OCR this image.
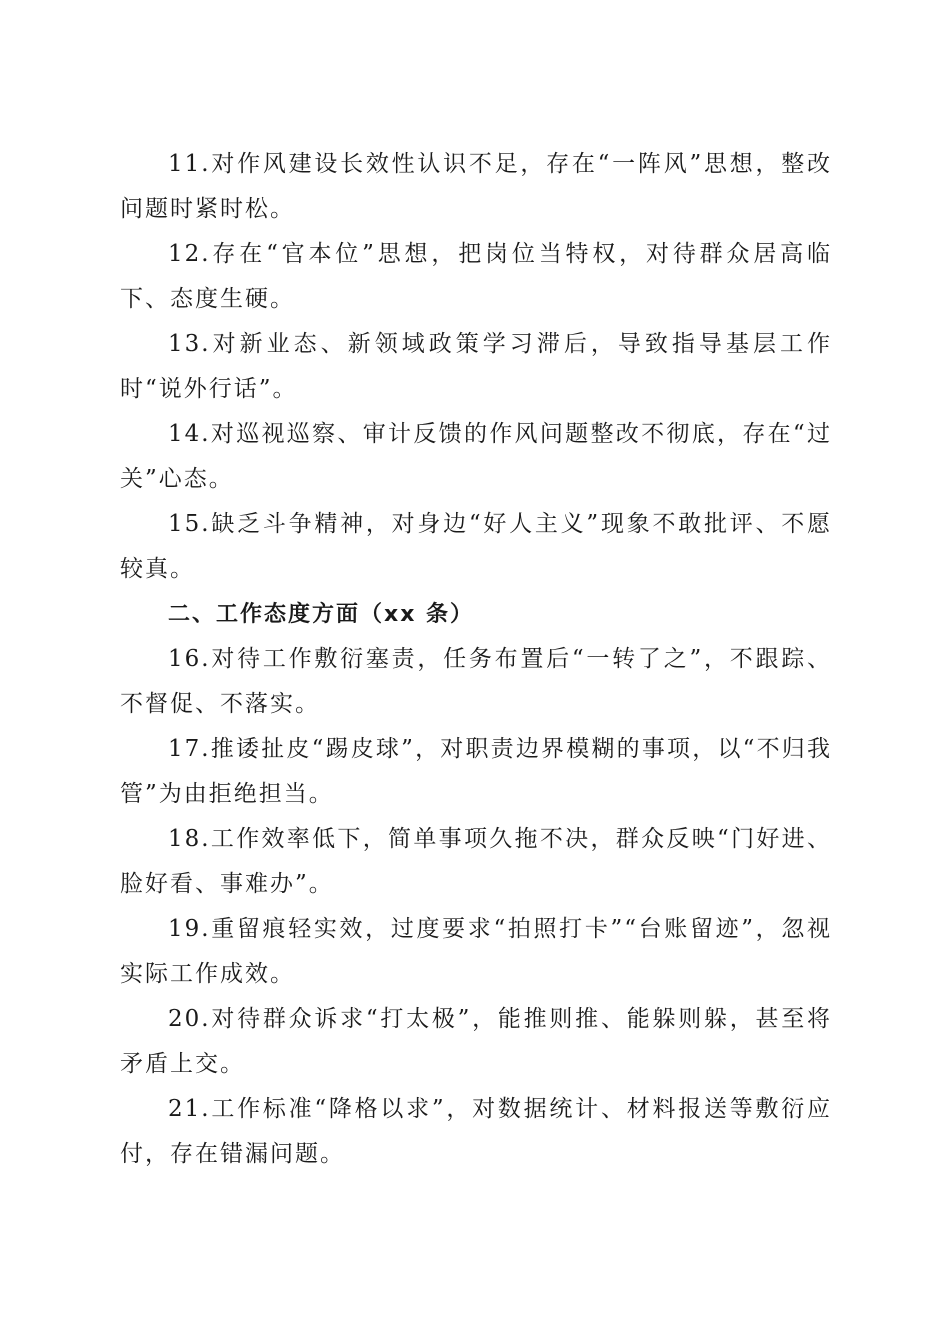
11.对作风建设长效性认识不足，存在“一阵风”思想，整改问题时紧时松。

12.存在“官本位”思想，把岗位当特权，对待群众居高临下、态度生硬。

13.对新业态、新领域政策学习滞后，导致指导基层工作时“说外行话”。

14.对巡视巡察、审计反馈的作风问题整改不彻底，存在“过关”心态。

15.缺乏斗争精神，对身边“好人主义”现象不敢批评、不愿较真。

二、工作态度方面（xx 条）

16.对待工作敷衍塞责，任务布置后“一转了之”，不跟踪、不督促、不落实。

17.推诿扯皮“踢皮球”，对职责边界模糊的事项，以“不归我管”为由拒绝担当。

18.工作效率低下，简单事项久拖不决，群众反映“门好进、脸好看、事难办”。

19.重留痕轻实效，过度要求“拍照打卡”“台账留迹”，忽视实际工作成效。

20.对待群众诉求“打太极”，能推则推、能躲则躲，甚至将矛盾上交。

21.工作标准“降格以求”，对数据统计、材料报送等敷衍应付，存在错漏问题。
